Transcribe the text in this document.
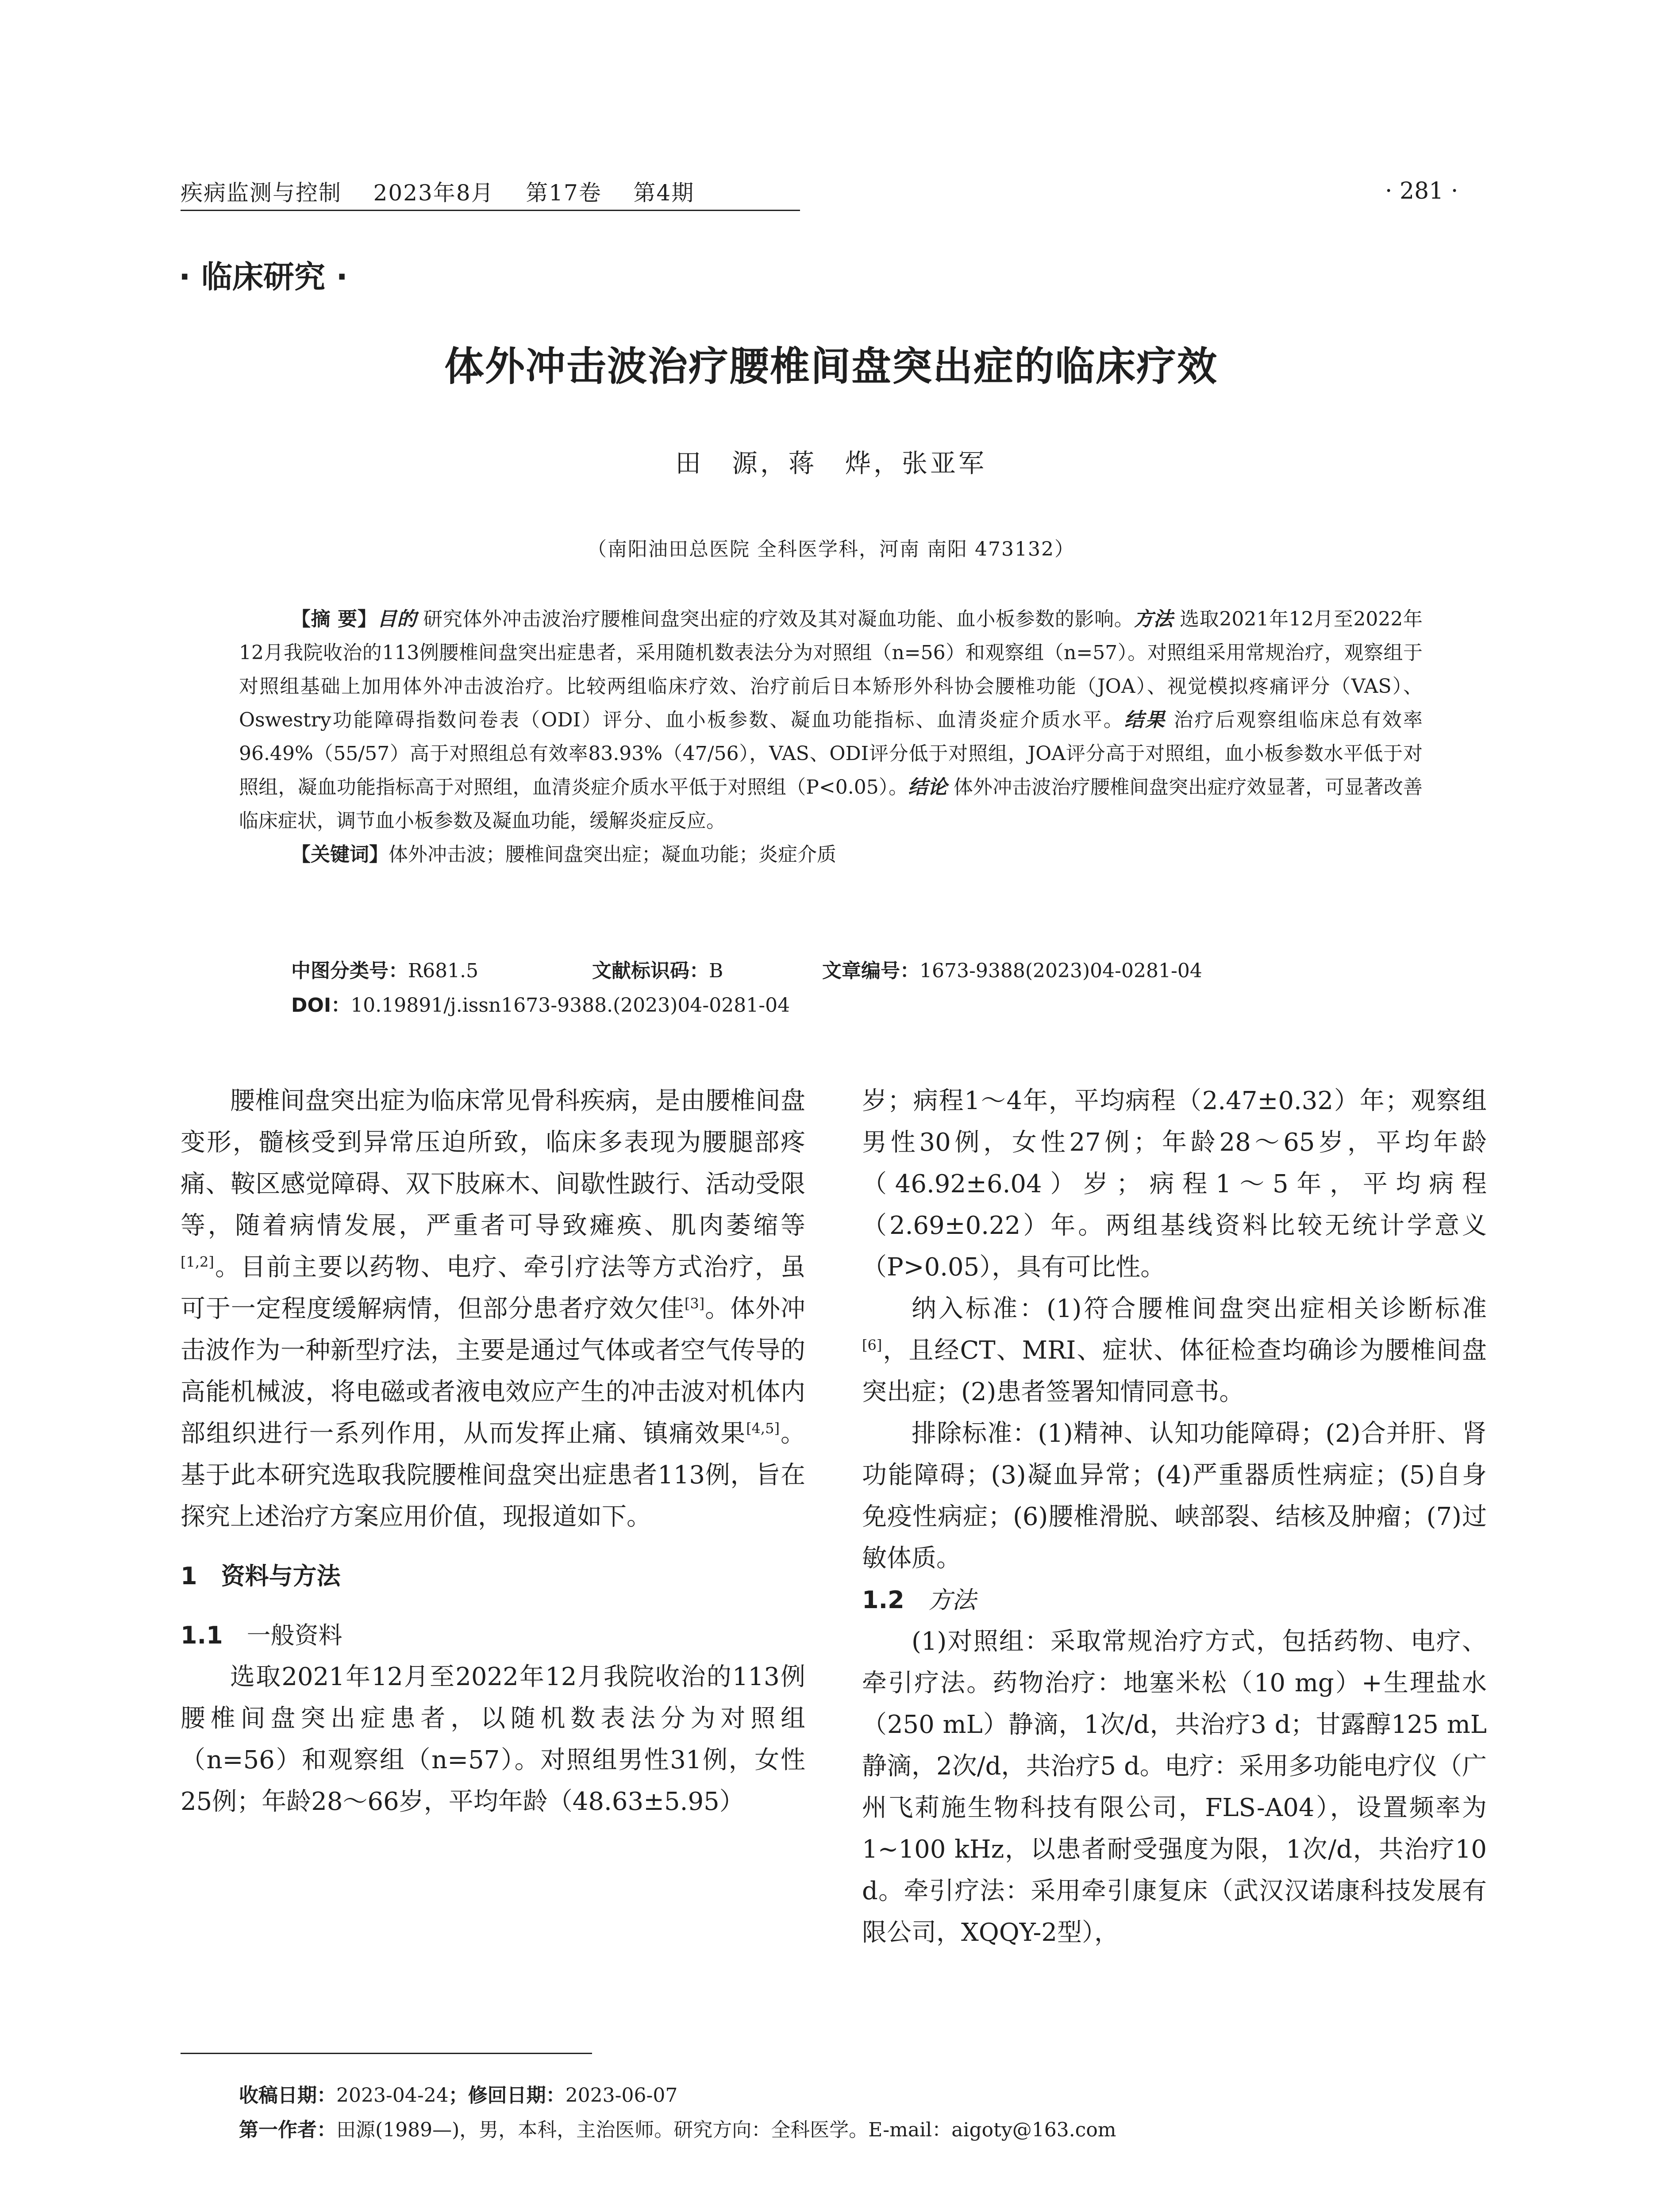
疾病监测与控制 2023年8月 第17卷 第4期	· 281 ·
· 临床研究 ·
体外冲击波治疗腰椎间盘突出症的临床疗效
田　源，蒋　烨，张亚军
（南阳油田总医院 全科医学科，河南 南阳 473132）

【摘 要】目的 研究体外冲击波治疗腰椎间盘突出症的疗效及其对凝血功能、血小板参数的影响。方法 选取2021年12月至2022年12月我院收治的113例腰椎间盘突出症患者，采用随机数表法分为对照组（n=56）和观察组（n=57）。对照组采用常规治疗，观察组于对照组基础上加用体外冲击波治疗。比较两组临床疗效、治疗前后日本矫形外科协会腰椎功能（JOA）、视觉模拟疼痛评分（VAS）、Oswestry功能障碍指数问卷表（ODI）评分、血小板参数、凝血功能指标、血清炎症介质水平。结果 治疗后观察组临床总有效率96.49%（55/57）高于对照组总有效率83.93%（47/56），VAS、ODI评分低于对照组，JOA评分高于对照组，血小板参数水平低于对照组，凝血功能指标高于对照组，血清炎症介质水平低于对照组（P<0.05）。结论 体外冲击波治疗腰椎间盘突出症疗效显著，可显著改善临床症状，调节血小板参数及凝血功能，缓解炎症反应。

【关键词】体外冲击波；腰椎间盘突出症；凝血功能；炎症介质

中图分类号：R681.5	文献标识码：B	文章编号：1673-9388(2023)04-0281-04
DOI：10.19891/j.issn1673-9388.(2023)04-0281-04

腰椎间盘突出症为临床常见骨科疾病，是由腰椎间盘变形，髓核受到异常压迫所致，临床多表现为腰腿部疼痛、鞍区感觉障碍、双下肢麻木、间歇性跛行、活动受限等，随着病情发展，严重者可导致瘫痪、肌肉萎缩等[1,2]。目前主要以药物、电疗、牵引疗法等方式治疗，虽可于一定程度缓解病情，但部分患者疗效欠佳[3]。体外冲击波作为一种新型疗法，主要是通过气体或者空气传导的高能机械波，将电磁或者液电效应产生的冲击波对机体内部组织进行一系列作用，从而发挥止痛、镇痛效果[4,5]。基于此本研究选取我院腰椎间盘突出症患者113例，旨在探究上述治疗方案应用价值，现报道如下。

1　资料与方法

1.1　一般资料

选取2021年12月至2022年12月我院收治的113例腰椎间盘突出症患者，以随机数表法分为对照组（n=56）和观察组（n=57）。对照组男性31例，女性25例；年龄28～66岁，平均年龄（48.63±5.95）

岁；病程1～4年，平均病程（2.47±0.32）年；观察组男性30例，女性27例；年龄28～65岁，平均年龄（46.92±6.04）岁；病程1～5年，平均病程（2.69±0.22）年。两组基线资料比较无统计学意义（P>0.05），具有可比性。

纳入标准：(1)符合腰椎间盘突出症相关诊断标准[6]，且经CT、MRI、症状、体征检查均确诊为腰椎间盘突出症；(2)患者签署知情同意书。

排除标准：(1)精神、认知功能障碍；(2)合并肝、肾功能障碍；(3)凝血异常；(4)严重器质性病症；(5)自身免疫性病症；(6)腰椎滑脱、峡部裂、结核及肿瘤；(7)过敏体质。

1.2　方法

(1)对照组：采取常规治疗方式，包括药物、电疗、牵引疗法。药物治疗：地塞米松（10 mg）+生理盐水（250 mL）静滴，1次/d，共治疗3 d；甘露醇125 mL静滴，2次/d，共治疗5 d。电疗：采用多功能电疗仪（广州飞莉施生物科技有限公司，FLS-A04），设置频率为1~100 kHz，以患者耐受强度为限，1次/d，共治疗10 d。牵引疗法：采用牵引康复床（武汉汉诺康科技发展有限公司，XQQY-2型），

收稿日期：2023-04-24；修回日期：2023-06-07
第一作者：田源(1989—)，男，本科，主治医师。研究方向：全科医学。E-mail：aigoty@163.com
